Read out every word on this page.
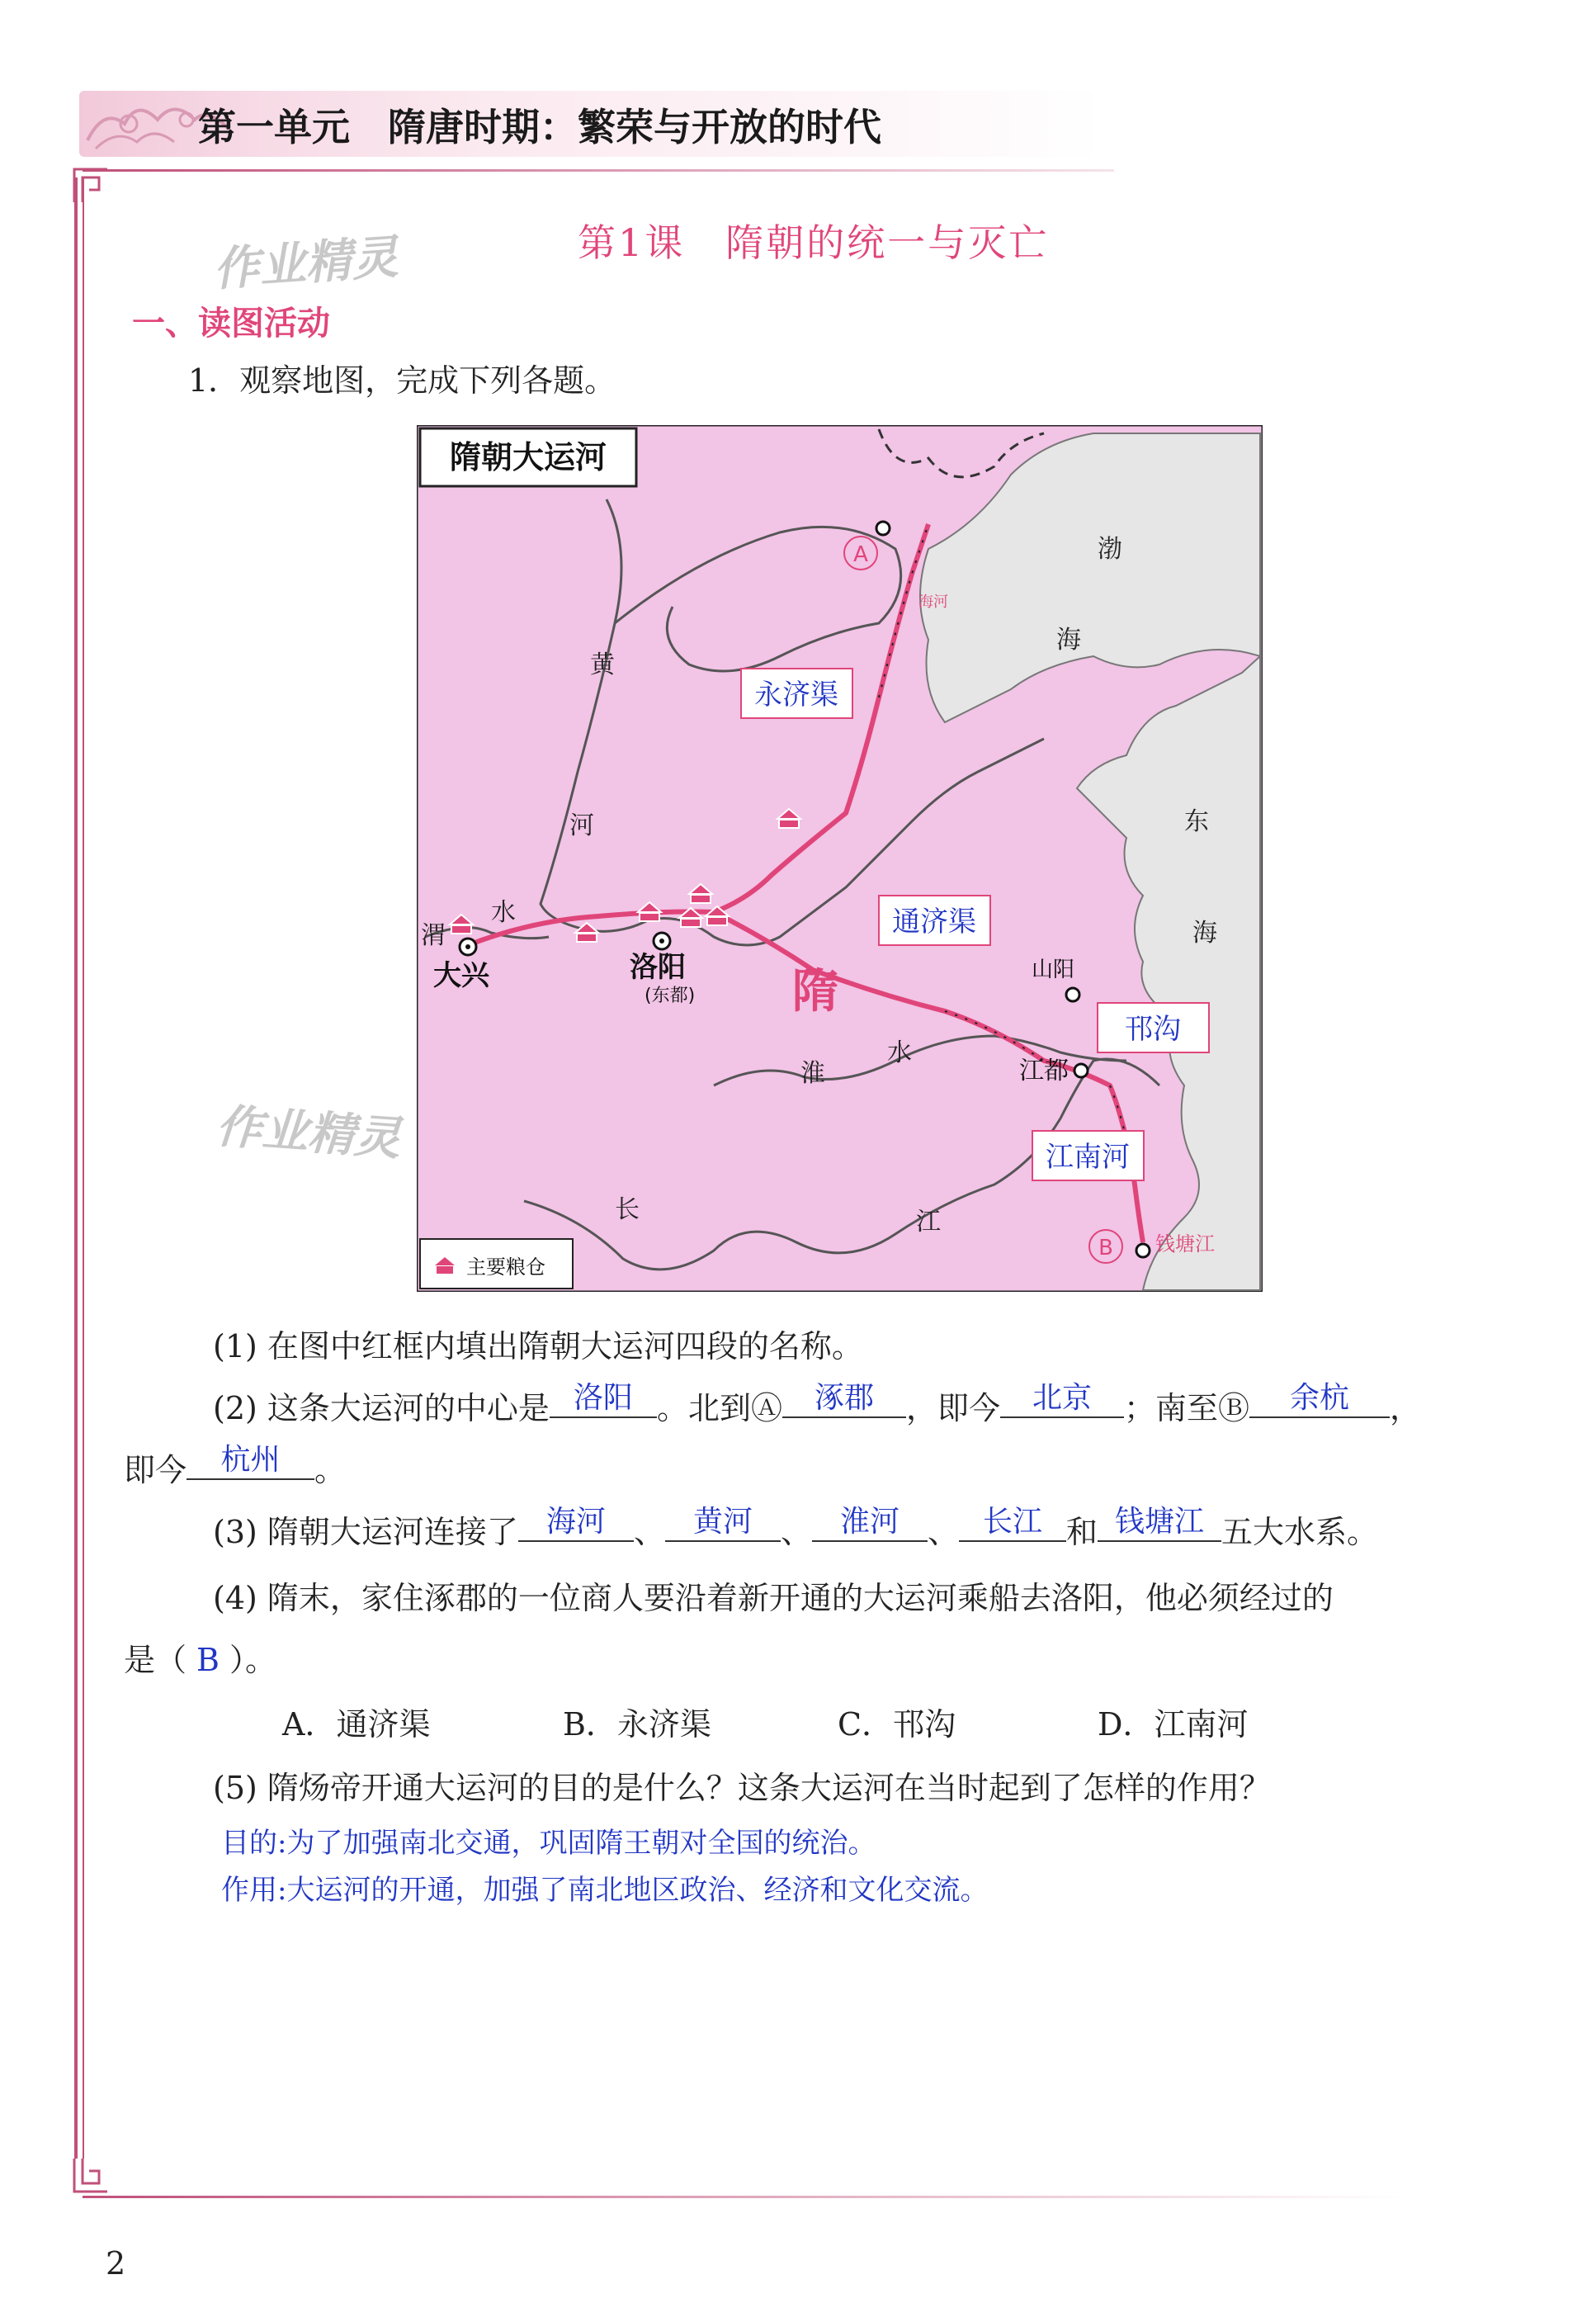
第一单元　隋唐时期：繁荣与开放的时代
作业精灵
作业精灵
第1课　隋朝的统一与灭亡
一、读图活动
1．观察地图，完成下列各题。
隋朝大运河
黄
河
渭
水
渤
海
东
海
隋
淮
水
长	江
海河
钱塘江
大兴	洛阳
(东都)
山阳
江都
A
B
永济渠
通济渠
邗沟
江南河
主要粮仓
(1) 在图中红框内填出隋朝大运河四段的名称。
(2) 这条大运河的中心是 洛阳 。北到Ⓐ 涿郡 ，即今 北京 ；南至Ⓑ 余杭 ，
即今 杭州 。
(3) 隋朝大运河连接了 海河 、 黄河 、 淮河 、 长江 和 钱塘江 五大水系。
(4) 隋末，家住涿郡的一位商人要沿着新开通的大运河乘船去洛阳，他必须经过的
是（ B ）。
A．通济渠	B．永济渠	C．邗沟	D．江南河
(5) 隋炀帝开通大运河的目的是什么？这条大运河在当时起到了怎样的作用？
目的:为了加强南北交通，巩固隋王朝对全国的统治。
作用:大运河的开通，加强了南北地区政治、经济和文化交流。
2
